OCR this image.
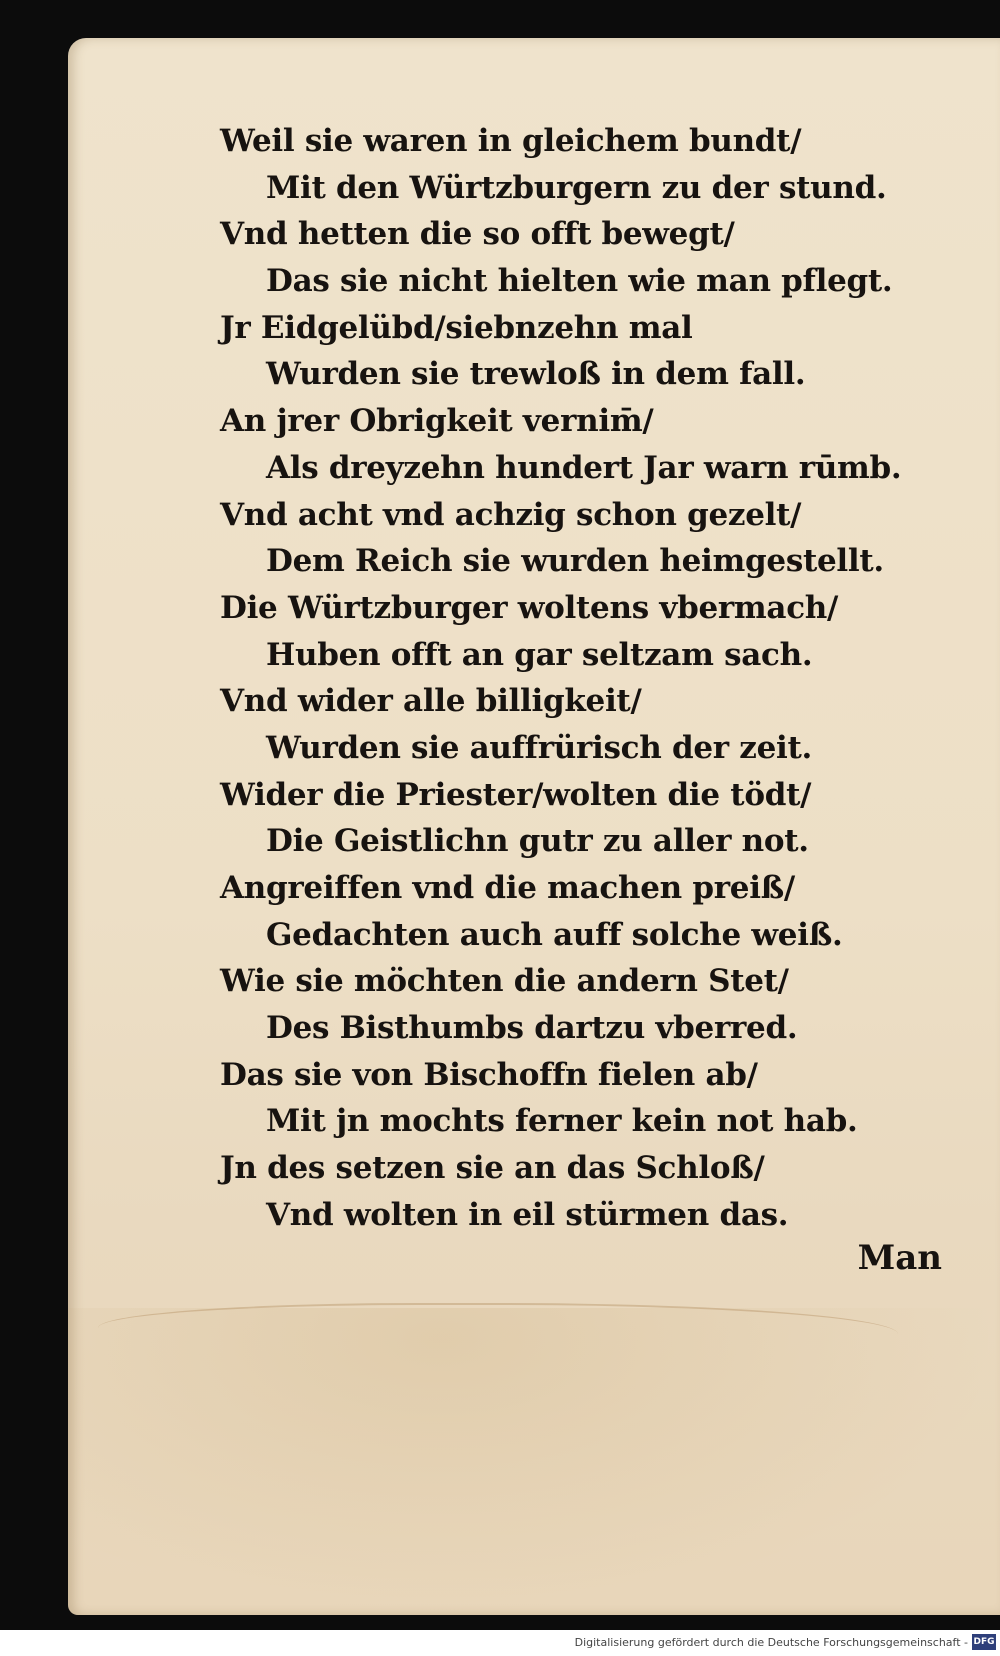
Weil sie waren in gleichem bundt/
Mit den Würtzburgern zu der stund.
Vnd hetten die so offt bewegt/
Das sie nicht hielten wie man pflegt.
Jr Eidgelübd/siebnzehn mal
Wurden sie trewloß in dem fall.
An jrer Obrigkeit vernim̄/
Als dreyzehn hundert Jar warn rūmb.
Vnd acht vnd achzig schon gezelt/
Dem Reich sie wurden heimgestellt.
Die Würtzburger woltens vbermach/
Huben offt an gar seltzam sach.
Vnd wider alle billigkeit/
Wurden sie auffrürisch der zeit.
Wider die Priester/wolten die tödt/
Die Geistlichn gutr zu aller not.
Angreiffen vnd die machen preiß/
Gedachten auch auff solche weiß.
Wie sie möchten die andern Stet/
Des Bisthumbs dartzu vberred.
Das sie von Bischoffn fielen ab/
Mit jn mochts ferner kein not hab.
Jn des setzen sie an das Schloß/
Vnd wolten in eil stürmen das.
Man
Digitalisierung gefördert durch die Deutsche Forschungsgemeinschaft - DFG
